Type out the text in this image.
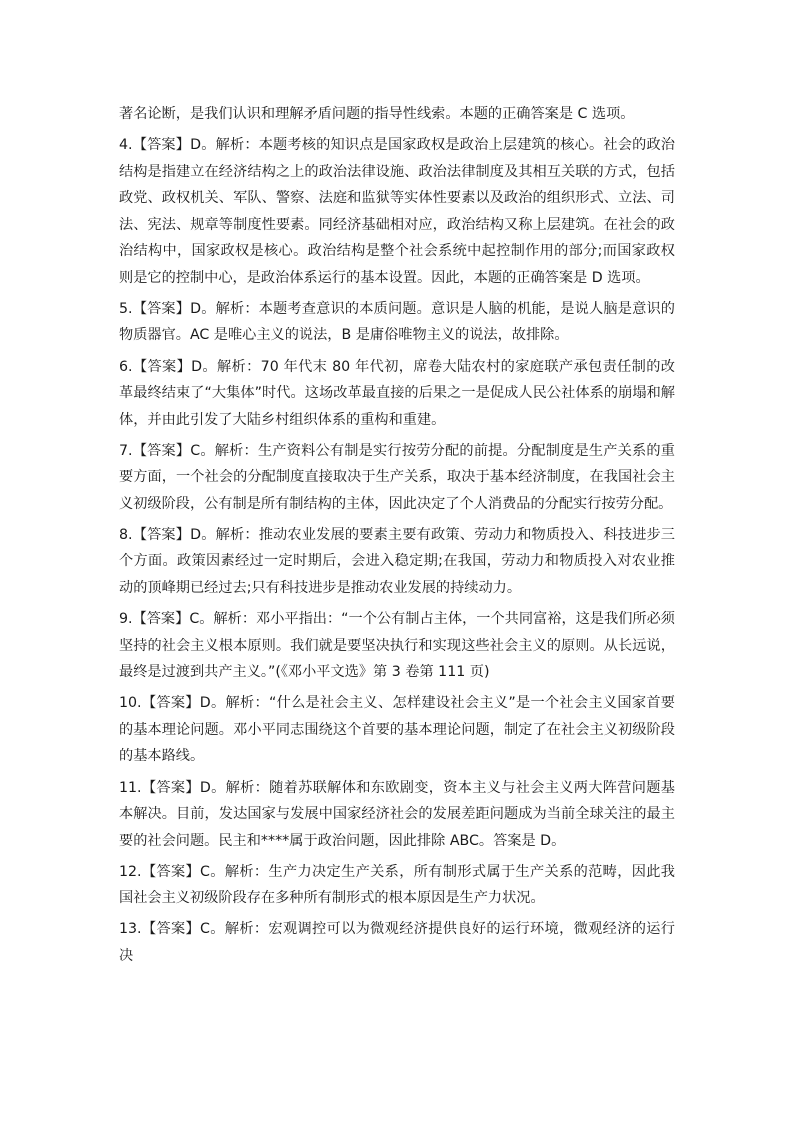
著名论断，是我们认识和理解矛盾问题的指导性线索。本题的正确答案是 C 选项。

4.【答案】D。解析：本题考核的知识点是国家政权是政治上层建筑的核心。社会的政治结构是指建立在经济结构之上的政治法律设施、政治法律制度及其相互关联的方式，包括政党、政权机关、军队、警察、法庭和监狱等实体性要素以及政治的组织形式、立法、司法、宪法、规章等制度性要素。同经济基础相对应，政治结构又称上层建筑。在社会的政治结构中，国家政权是核心。政治结构是整个社会系统中起控制作用的部分;而国家政权则是它的控制中心，是政治体系运行的基本设置。因此，本题的正确答案是 D 选项。

5.【答案】D。解析：本题考查意识的本质问题。意识是人脑的机能，是说人脑是意识的物质器官。AC 是唯心主义的说法，B 是庸俗唯物主义的说法，故排除。

6.【答案】D。解析：70 年代末 80 年代初，席卷大陆农村的家庭联产承包责任制的改革最终结束了“大集体”时代。这场改革最直接的后果之一是促成人民公社体系的崩塌和解体，并由此引发了大陆乡村组织体系的重构和重建。

7.【答案】C。解析：生产资料公有制是实行按劳分配的前提。分配制度是生产关系的重要方面，一个社会的分配制度直接取决于生产关系，取决于基本经济制度，在我国社会主义初级阶段，公有制是所有制结构的主体，因此决定了个人消费品的分配实行按劳分配。

8.【答案】D。解析：推动农业发展的要素主要有政策、劳动力和物质投入、科技进步三个方面。政策因素经过一定时期后，会进入稳定期;在我国，劳动力和物质投入对农业推动的顶峰期已经过去;只有科技进步是推动农业发展的持续动力。

9.【答案】C。解析：邓小平指出：“一个公有制占主体，一个共同富裕，这是我们所必须坚持的社会主义根本原则。我们就是要坚决执行和实现这些社会主义的原则。从长远说，最终是过渡到共产主义。”(《邓小平文选》第 3 卷第 111 页)

10.【答案】D。解析：“什么是社会主义、怎样建设社会主义”是一个社会主义国家首要的基本理论问题。邓小平同志围绕这个首要的基本理论问题，制定了在社会主义初级阶段的基本路线。

11.【答案】D。解析：随着苏联解体和东欧剧变，资本主义与社会主义两大阵营问题基本解决。目前，发达国家与发展中国家经济社会的发展差距问题成为当前全球关注的最主要的社会问题。民主和****属于政治问题，因此排除 ABC。答案是 D。

12.【答案】C。解析：生产力决定生产关系，所有制形式属于生产关系的范畴，因此我国社会主义初级阶段存在多种所有制形式的根本原因是生产力状况。

13.【答案】C。解析：宏观调控可以为微观经济提供良好的运行环境，微观经济的运行决
